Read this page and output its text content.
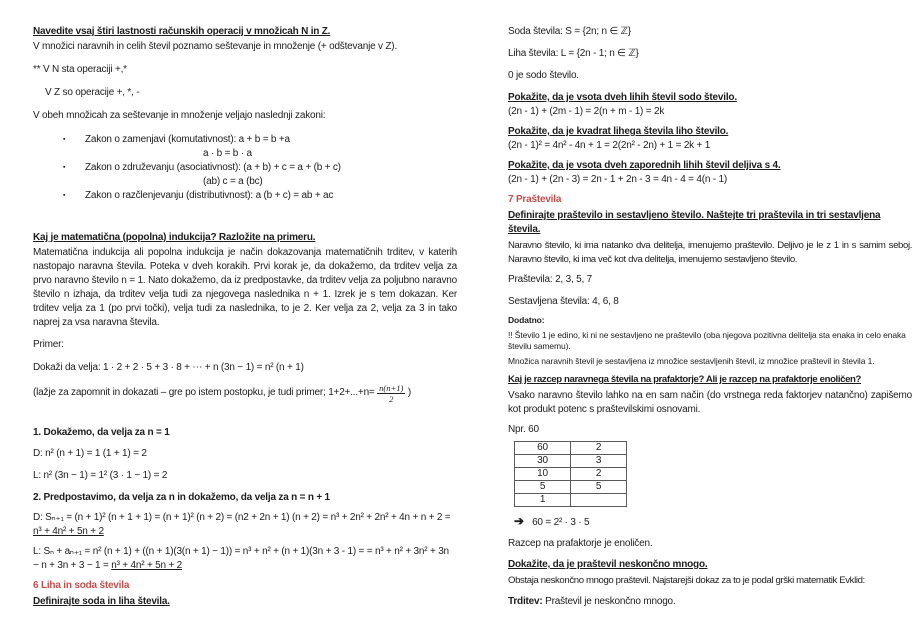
Navedite vsaj štiri lastnosti računskih operacij v množicah N in Z.

V množici naravnih in celih števil poznamo seštevanje in množenje (+ odštevanje v Z).

** V N sta operaciji +,*

V Z so operacije +, *, -

V obeh množicah za seštevanje in množenje veljajo naslednji zakoni:

▪	Zakon o zamenjavi (komutativnost): a + b = b +a
a · b = b · a
▪	Zakon o združevanju (asociativnost): (a + b) + c = a + (b + c)
(ab) c = a (bc)
▪	Zakon o razčlenjevanju (distributivnost): a (b + c) = ab + ac

Kaj je matematična (popolna) indukcija? Razložite na primeru.

Matematična indukcija ali popolna indukcija je način dokazovanja matematičnih trditev, v katerih nastopajo naravna števila. Poteka v dveh korakih. Prvi korak je, da dokažemo, da trditev velja za prvo naravno število n = 1. Nato dokažemo, da iz predpostavke, da trditev velja za poljubno naravno število n izhaja, da trditev velja tudi za njegovega naslednika n + 1. Izrek je s tem dokazan. Ker trditev velja za 1 (po prvi točki), velja tudi za naslednika, to je 2. Ker velja za 2, velja za 3 in tako naprej za vsa naravna števila.

Primer:

Dokaži da velja: 1 · 2 + 2 · 5 + 3 · 8 + ⋯ + n (3n − 1) = n² (n + 1)

(lažje za zapomnit in dokazati – gre po istem postopku, je tudi primer; $1+2+...+n= \frac{n(n+1)}{2}$ )

1. Dokažemo, da velja za n = 1

D: n² (n + 1) = 1 (1 + 1) = 2

L: n² (3n − 1) = 1² (3 · 1 − 1) = 2

2. Predpostavimo, da velja za n in dokažemo, da velja za n = n + 1

D: Sₙ₊₁ = (n + 1)² (n + 1 + 1) = (n + 1)² (n + 2) = (n2 + 2n + 1) (n + 2) = n³ + 2n² + 2n² + 4n + n + 2 = n³ + 4n² + 5n + 2

L: Sₙ + aₙ₊₁ = n² (n + 1) + ((n + 1)(3(n + 1) − 1)) = n³ + n² + (n + 1)(3n + 3 - 1) = = n³ + n² + 3n² + 3n − n + 3n + 3 − 1 = n³ + 4n² + 5n + 2

6 Liha in soda števila

Definirajte soda in liha števila.

Soda števila: S = {2n; n ∈ ℤ}

Liha števila: L = {2n - 1; n ∈ ℤ}

0 je sodo število.

Pokažite, da je vsota dveh lihih števil sodo število.

(2n - 1) + (2m - 1) = 2(n + m - 1) = 2k

Pokažite, da je kvadrat lihega števila liho število.

(2n - 1)² = 4n² - 4n + 1 = 2(2n² - 2n) + 1 = 2k + 1

Pokažite, da je vsota dveh zaporednih lihih števil deljiva s 4.

(2n - 1) + (2n - 3) = 2n - 1 + 2n - 3 = 4n - 4 = 4(n - 1)

7 Praštevila

Definirajte praštevilo in sestavljeno število. Naštejte tri praštevila in tri sestavljena števila.

Naravno število, ki ima natanko dva delitelja, imenujemo praštevilo. Deljivo je le z 1 in s samim seboj. Naravno število, ki ima več kot dva delitelja, imenujemo sestavljeno število.

Praštevila: 2, 3, 5, 7

Sestavljena števila: 4, 6, 8

Dodatno:

!! Število 1 je edino, ki ni ne sestavljeno ne praštevilo (oba njegova pozitivna delitelja sta enaka in celo enaka številu samemu).

Množica naravnih števil je sestavljena iz množice sestavljenih števil, iz množice praštevil in števila 1.

Kaj je razcep naravnega števila na prafaktorje? Ali je razcep na prafaktorje enoličen?

Vsako naravno število lahko na en sam način (do vrstnega reda faktorjev natančno) zapišemo kot produkt potenc s praštevilskimi osnovami.

Npr. 60

60	2
30	3
10	2
5	5
1	

➔ 60 = 2² · 3 · 5

Razcep na prafaktorje je enoličen.

Dokažite, da je praštevil neskončno mnogo.

Obstaja neskončno mnogo praštevil. Najstarejši dokaz za to je podal grški matematik Evklid:

Trditev: Praštevil je neskončno mnogo.
